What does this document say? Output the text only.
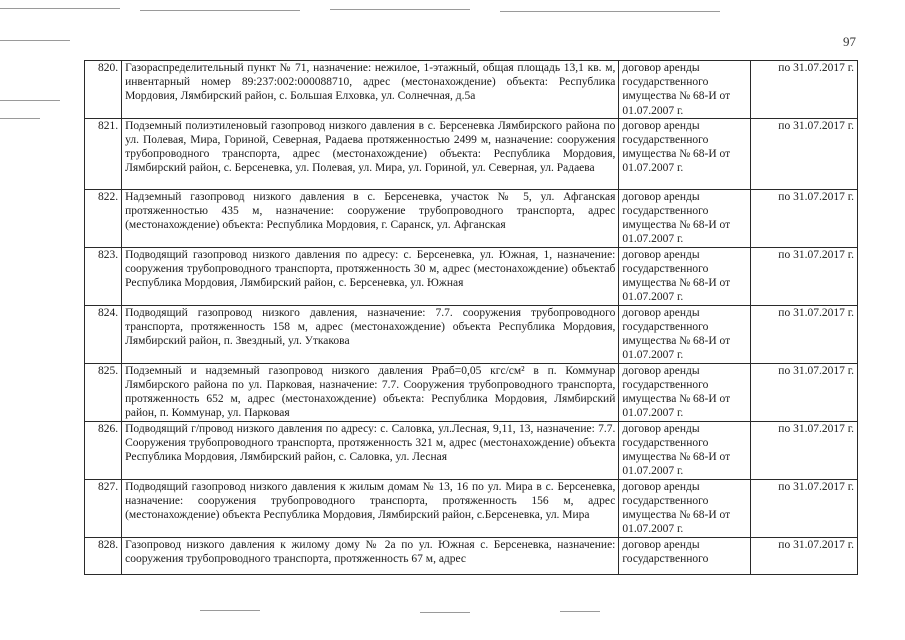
97
820.	Газораспределительный пункт № 71, назначение: нежилое, 1-этажный, общая площадь 13,1 кв. м, инвентарный номер 89:237:002:000088710, адрес (местонахождение) объекта: Республика Мордовия, Лямбирский район, с. Большая Елховка, ул. Солнечная, д.5а	договор аренды государственного имущества № 68-И от 01.07.2007 г.	по 31.07.2017 г.
821.	Подземный полиэтиленовый газопровод низкого давления в с. Берсеневка Лямбирского района по ул. Полевая, Мира, Гориной, Северная, Радаева протяженностью 2499 м, назначение: сооружения трубопроводного транспорта, адрес (местонахождение) объекта: Республика Мордовия, Лямбирский район, с. Берсеневка, ул. Полевая, ул. Мира, ул. Гориной, ул. Северная, ул. Радаева	договор аренды государственного имущества № 68-И от 01.07.2007 г.	по 31.07.2017 г.
822.	Надземный газопровод низкого давления в с. Берсеневка, участок № 5, ул. Афганская протяженностью 435 м, назначение: сооружение трубопроводного транспорта, адрес (местонахождение) объекта: Республика Мордовия, г. Саранск, ул. Афганская	договор аренды государственного имущества № 68-И от 01.07.2007 г.	по 31.07.2017 г.
823.	Подводящий газопровод низкого давления по адресу: с. Берсеневка, ул. Южная, 1, назначение: сооружения трубопроводного транспорта, протяженность 30 м, адрес (местонахождение) объектаб Республика Мордовия, Лямбирский район, с. Берсеневка, ул. Южная	договор аренды государственного имущества № 68-И от 01.07.2007 г.	по 31.07.2017 г.
824.	Подводящий газопровод низкого давления, назначение: 7.7. сооружения трубопроводного транспорта, протяженность 158 м, адрес (местонахождение) объекта Республика Мордовия, Лямбирский район, п. Звездный, ул. Уткакова	договор аренды государственного имущества № 68-И от 01.07.2007 г.	по 31.07.2017 г.
825.	Подземный и надземный газопровод низкого давления Рраб=0,05 кгс/см² в п. Коммунар Лямбирского района по ул. Парковая, назначение: 7.7. Сооружения трубопроводного транспорта, протяженность 652 м, адрес (местонахождение) объекта: Республика Мордовия, Лямбирский район, п. Коммунар, ул. Парковая	договор аренды государственного имущества № 68-И от 01.07.2007 г.	по 31.07.2017 г.
826.	Подводящий г/провод низкого давления по адресу: с. Саловка, ул.Лесная, 9,11, 13, назначение: 7.7. Сооружения трубопроводного транспорта, протяженность 321 м, адрес (местонахождение) объекта Республика Мордовия, Лямбирский район, с. Саловка, ул. Лесная	договор аренды государственного имущества № 68-И от 01.07.2007 г.	по 31.07.2017 г.
827.	Подводящий газопровод низкого давления к жилым домам № 13, 16 по ул. Мира в с. Берсеневка, назначение: сооружения трубопроводного транспорта, протяженность 156 м, адрес (местонахождение) объекта Республика Мордовия, Лямбирский район, с.Берсеневка, ул. Мира	договор аренды государственного имущества № 68-И от 01.07.2007 г.	по 31.07.2017 г.
828.	Газопровод низкого давления к жилому дому № 2а по ул. Южная с. Берсеневка, назначение: сооружения трубопроводного транспорта, протяженность 67 м, адрес	договор аренды государственного	по 31.07.2017 г.
